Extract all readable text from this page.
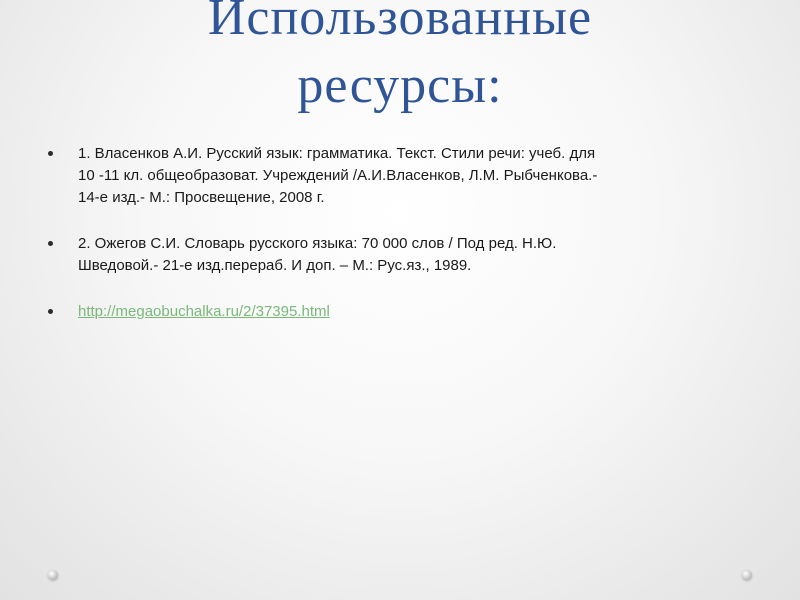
Использованные
ресурсы:
1. Власенков А.И. Русский язык: грамматика. Текст. Стили речи: учеб. для
10 -11 кл. общеобразоват. Учреждений /А.И.Власенков, Л.М. Рыбченкова.-
14-е изд.- М.: Просвещение, 2008 г.
2. Ожегов С.И. Словарь русского языка: 70 000 слов / Под ред. Н.Ю.
Шведовой.- 21-е изд.перераб. И доп. – М.: Рус.яз., 1989.
http://megaobuchalka.ru/2/37395.html
